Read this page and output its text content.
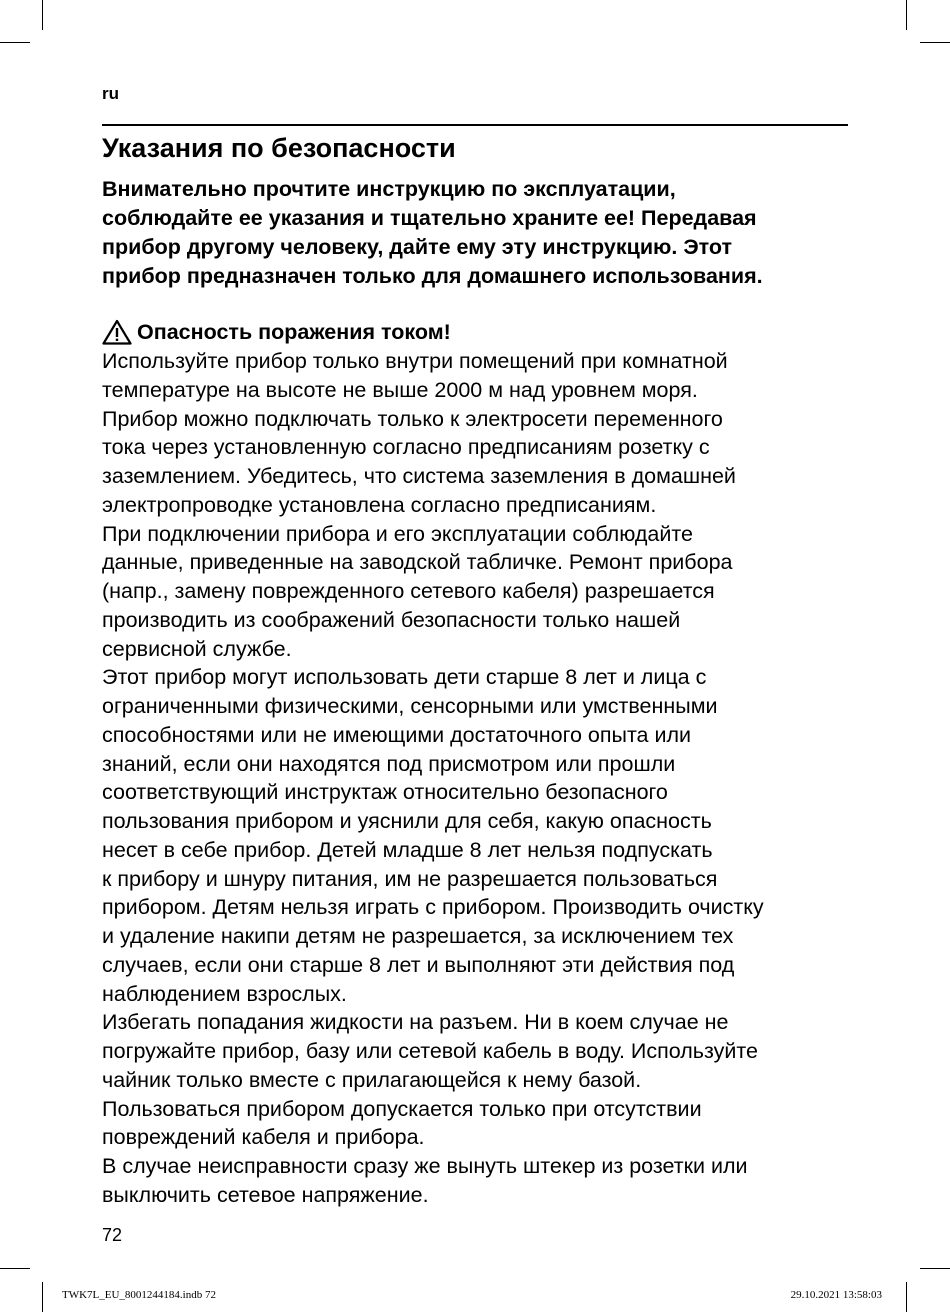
ru
Указания по безопасности
Внимательно прочтите инструкцию по эксплуатации,
соблюдайте ее указания и тщательно храните ее! Передавая
прибор другому человеку, дайте ему эту инструкцию. Этот
прибор предназначен только для домашнего использования.
Опасность поражения током!
Используйте прибор только внутри помещений при комнатной
температуре на высоте не выше 2000 м над уровнем моря.
Прибор можно подключать только к электросети переменного
тока через установленную согласно предписаниям розетку с
заземлением. Убедитесь, что система заземления в домашней
электропроводке установлена согласно предписаниям.
При подключении прибора и его эксплуатации соблюдайте
данные, приведенные на заводской табличке. Ремонт прибора
(напр., замену поврежденного сетевого кабеля) разрешается
производить из соображений безопасности только нашей
сервисной службе.
Этот прибор могут использовать дети старше 8 лет и лица с
ограниченными физическими, сенсорными или умственными
способностями или не имеющими достаточного опыта или
знаний, если они находятся под присмотром или прошли
соответствующий инструктаж относительно безопасного
пользования прибором и уяснили для себя, какую опасность
несет в себе прибор. Детей младше 8 лет нельзя подпускать
к прибору и шнуру питания, им не разрешается пользоваться
прибором. Детям нельзя играть с прибором. Производить очистку
и удаление накипи детям не разрешается, за исключением тех
случаев, если они старше 8 лет и выполняют эти действия под
наблюдением взрослых.
Избегать попадания жидкости на разъем. Ни в коем случае не
погружайте прибор, базу или сетевой кабель в воду. Используйте
чайник только вместе с прилагающейся к нему базой.
Пользоваться прибором допускается только при отсутствии
повреждений кабеля и прибора.
В случае неисправности сразу же вынуть штекер из розетки или
выключить сетевое напряжение.
72
TWK7L_EU_8001244184.indb 72	29.10.2021 13:58:03
